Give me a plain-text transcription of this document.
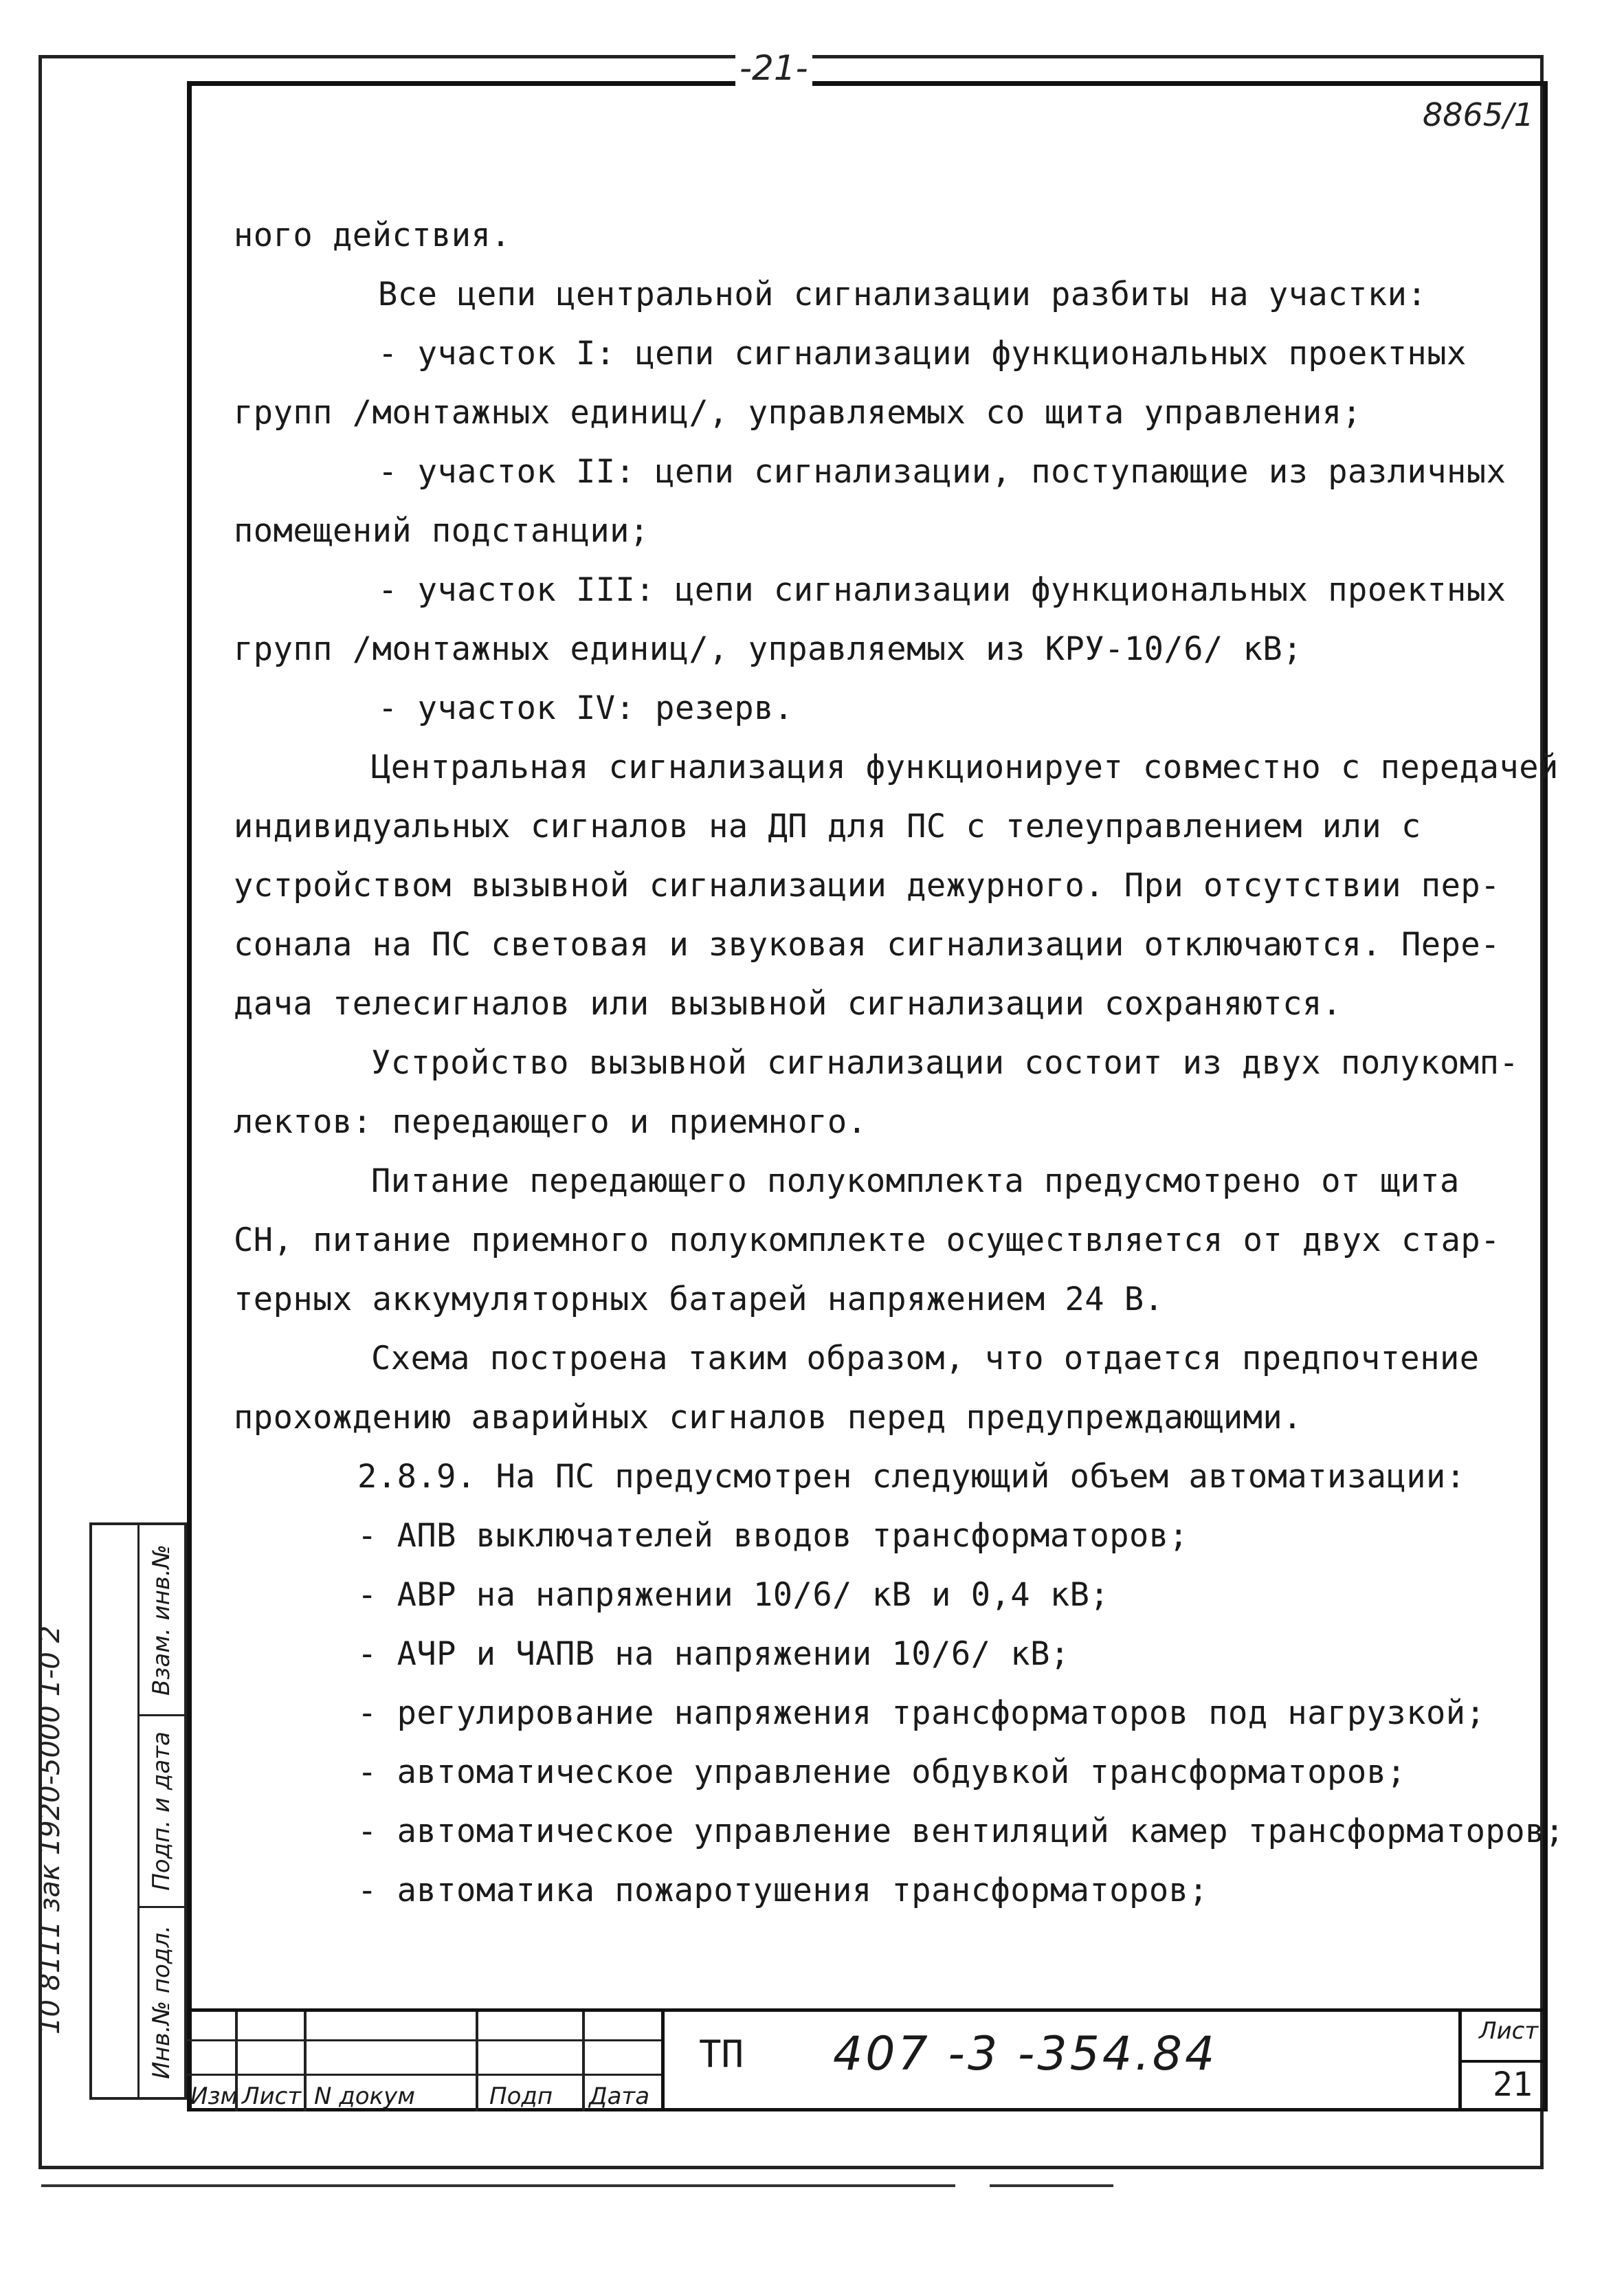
-21-
8865/1
ного действия.
Все цепи центральной сигнализации разбиты на участки:
- участок I: цепи сигнализации функциональных проектных
групп /монтажных единиц/, управляемых со щита управления;
- участок II: цепи сигнализации, поступающие из различных
помещений подстанции;
- участок III: цепи сигнализации функциональных проектных
групп /монтажных единиц/, управляемых из КРУ-10/6/ кВ;
- участок IV: резерв.
Центральная сигнализация функционирует совместно с передачей
индивидуальных сигналов на ДП для ПС с телеуправлением или с
устройством вызывной сигнализации дежурного. При отсутствии пер-
сонала на ПС световая и звуковая сигнализации отключаются. Пере-
дача телесигналов или вызывной сигнализации сохраняются.
Устройство вызывной сигнализации состоит из двух полукомп-
лектов: передающего и приемного.
Питание передающего полукомплекта предусмотрено от щита
СН, питание приемного полукомплекте осуществляется от двух стар-
терных аккумуляторных батарей напряжением 24 В.
Схема построена таким образом, что отдается предпочтение
прохождению аварийных сигналов перед предупреждающими.
2.8.9. На ПС предусмотрен следующий объем автоматизации:
- АПВ выключателей вводов трансформаторов;
- АВР на напряжении 10/6/ кВ и 0,4 кВ;
- АЧР и ЧАПВ на напряжении 10/6/ кВ;
- регулирование напряжения трансформаторов под нагрузкой;
- автоматическое управление обдувкой трансформаторов;
- автоматическое управление вентиляций камер трансформаторов;
- автоматика пожаротушения трансформаторов;
Взам. инв.№
Подп. и дата
Инв.№ подл.
10 8111 зак 1920-5000 1-0 2
Изм Лист N докум	Подп Дата
ТП 407 -3 -354.84	Лист
21
